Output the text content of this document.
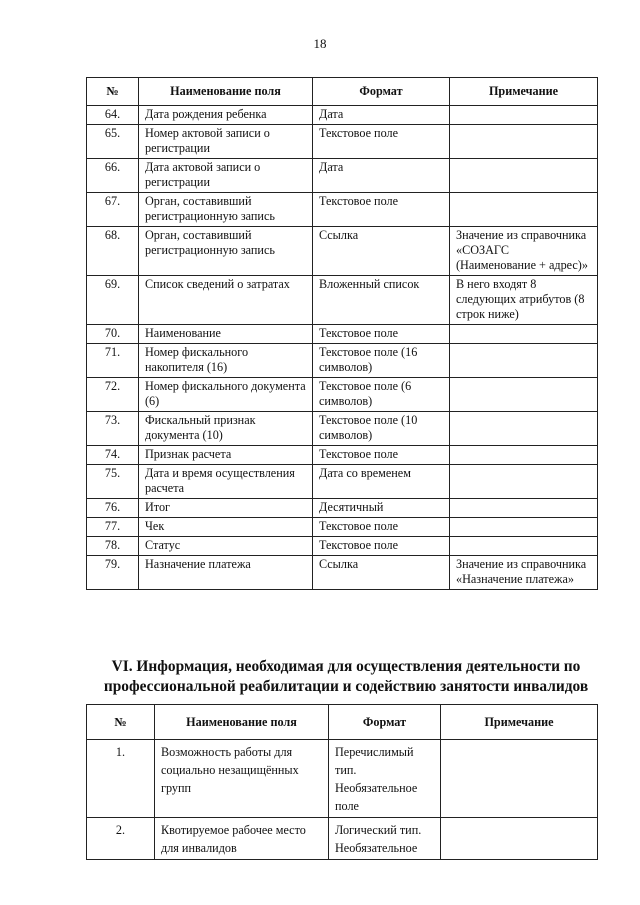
18
№	Наименование поля	Формат	Примечание
64.	Дата рождения ребенка	Дата	
65.	Номер актовой записи о регистрации	Текстовое поле	
66.	Дата актовой записи о регистрации	Дата	
67.	Орган, составивший регистрационную запись	Текстовое поле	
68.	Орган, составивший регистрационную запись	Ссылка	Значение из справочника «СОЗАГС (Наименование + адрес)»
69.	Список сведений о затратах	Вложенный список	В него входят 8 следующих атрибутов (8 строк ниже)
70.	Наименование	Текстовое поле	
71.	Номер фискального накопителя (16)	Текстовое поле (16 символов)	
72.	Номер фискального документа (6)	Текстовое поле (6 символов)	
73.	Фискальный признак документа (10)	Текстовое поле (10 символов)	
74.	Признак расчета	Текстовое поле	
75.	Дата и время осуществления расчета	Дата со временем	
76.	Итог	Десятичный	
77.	Чек	Текстовое поле	
78.	Статус	Текстовое поле	
79.	Назначение платежа	Ссылка	Значение из справочника «Назначение платежа»
VI. Информация, необходимая для осуществления деятельности по профессиональной реабилитации и содействию занятости инвалидов
№	Наименование поля	Формат	Примечание
1.	Возможность работы для социально незащищённых групп	Перечислимый тип. Необязательное поле	
2.	Квотируемое рабочее место для инвалидов	Логический тип. Необязательное	
